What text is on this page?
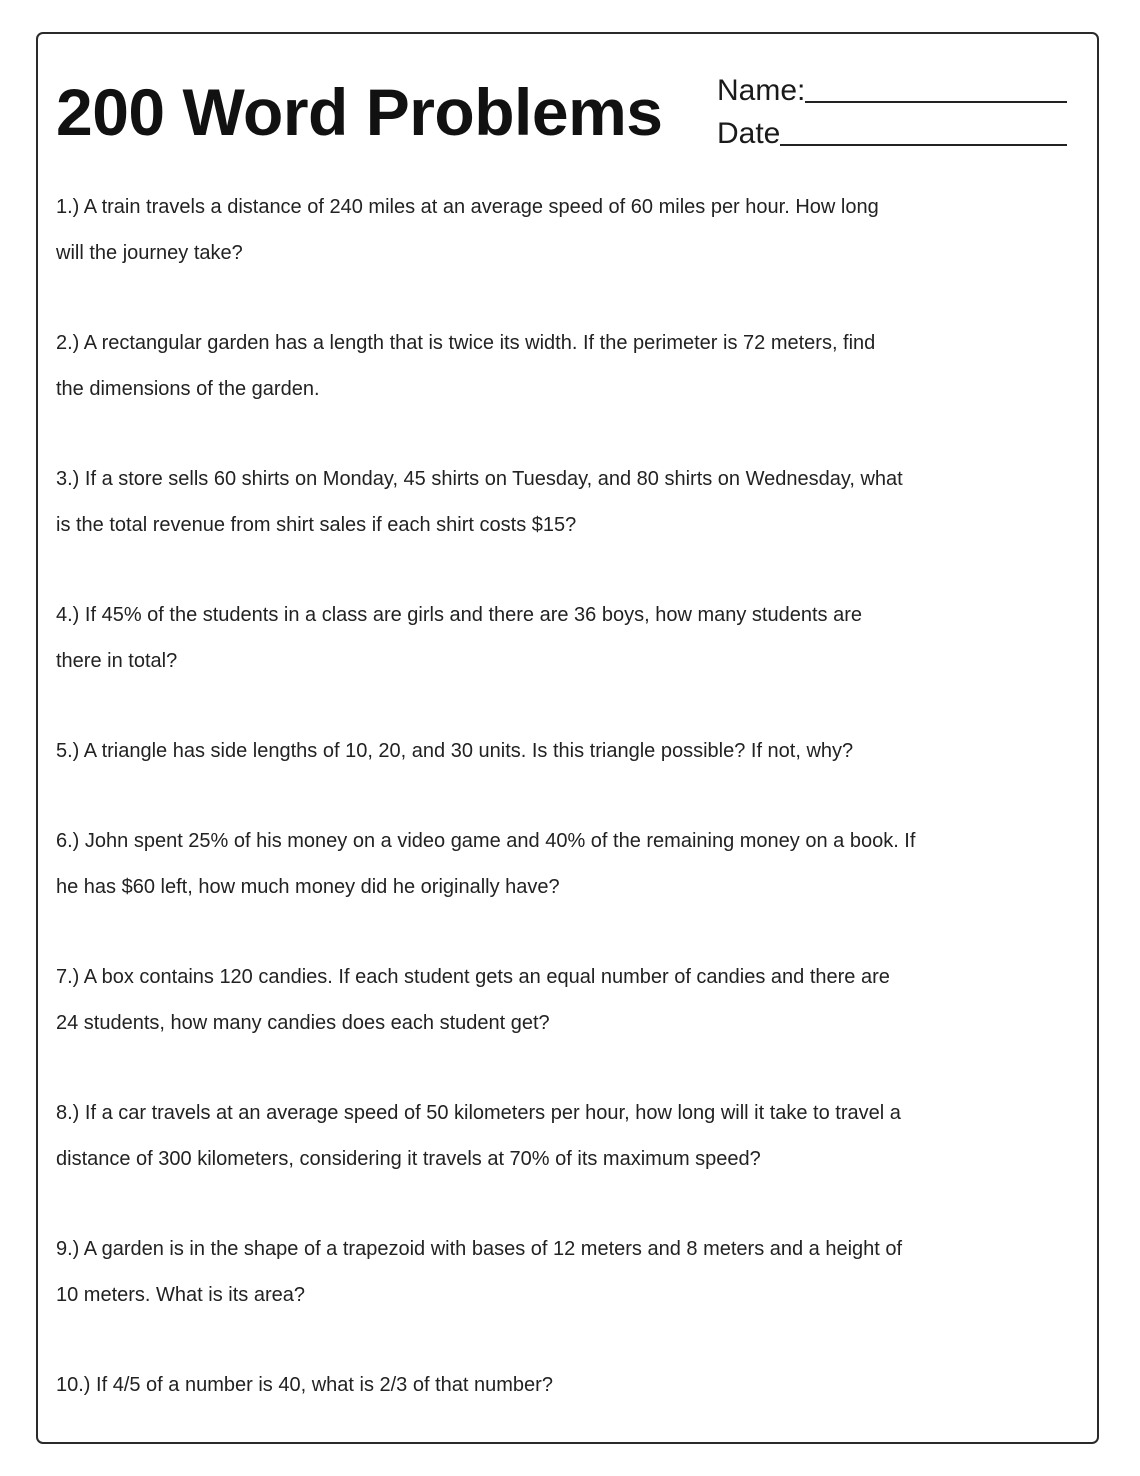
200 Word Problems Name:
Date
1.) A train travels a distance of 240 miles at an average speed of 60 miles per hour. How long
will the journey take?
2.) A rectangular garden has a length that is twice its width. If the perimeter is 72 meters, find
the dimensions of the garden.
3.) If a store sells 60 shirts on Monday, 45 shirts on Tuesday, and 80 shirts on Wednesday, what
is the total revenue from shirt sales if each shirt costs $15?
4.) If 45% of the students in a class are girls and there are 36 boys, how many students are
there in total?
5.) A triangle has side lengths of 10, 20, and 30 units. Is this triangle possible? If not, why?
6.) John spent 25% of his money on a video game and 40% of the remaining money on a book. If
he has $60 left, how much money did he originally have?
7.) A box contains 120 candies. If each student gets an equal number of candies and there are
24 students, how many candies does each student get?
8.) If a car travels at an average speed of 50 kilometers per hour, how long will it take to travel a
distance of 300 kilometers, considering it travels at 70% of its maximum speed?
9.) A garden is in the shape of a trapezoid with bases of 12 meters and 8 meters and a height of
10 meters. What is its area?
10.) If 4/5 of a number is 40, what is 2/3 of that number?
